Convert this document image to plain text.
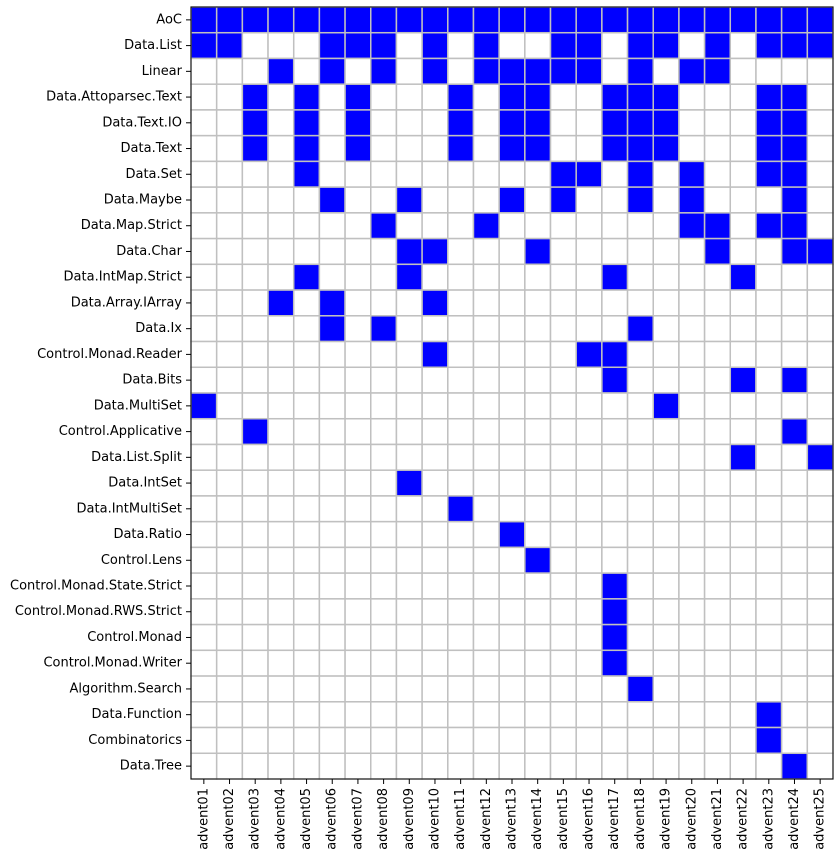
AoC
Data.List
Linear
Data.Attoparsec.Text
Data.Text.IO
Data.Text
Data.Set
Data.Maybe
Data.Map.Strict
Data.Char
Data.IntMap.Strict
Data.Array.IArray
Data.Ix
Control.Monad.Reader
Data.Bits
Data.MultiSet
Control.Applicative
Data.List.Split
Data.IntSet
Data.IntMultiSet
Data.Ratio
Control.Lens
Control.Monad.State.Strict
Control.Monad.RWS.Strict
Control.Monad
Control.Monad.Writer
Algorithm.Search
Data.Function
Combinatorics
Data.Tree
advent01 advent02 advent03 advent04 advent05 advent06 advent07 advent08 advent09 advent10 advent11 advent12 advent13 advent14 advent15 advent16 advent17 advent18 advent19 advent20 advent21 advent22 advent23 advent24 advent25
